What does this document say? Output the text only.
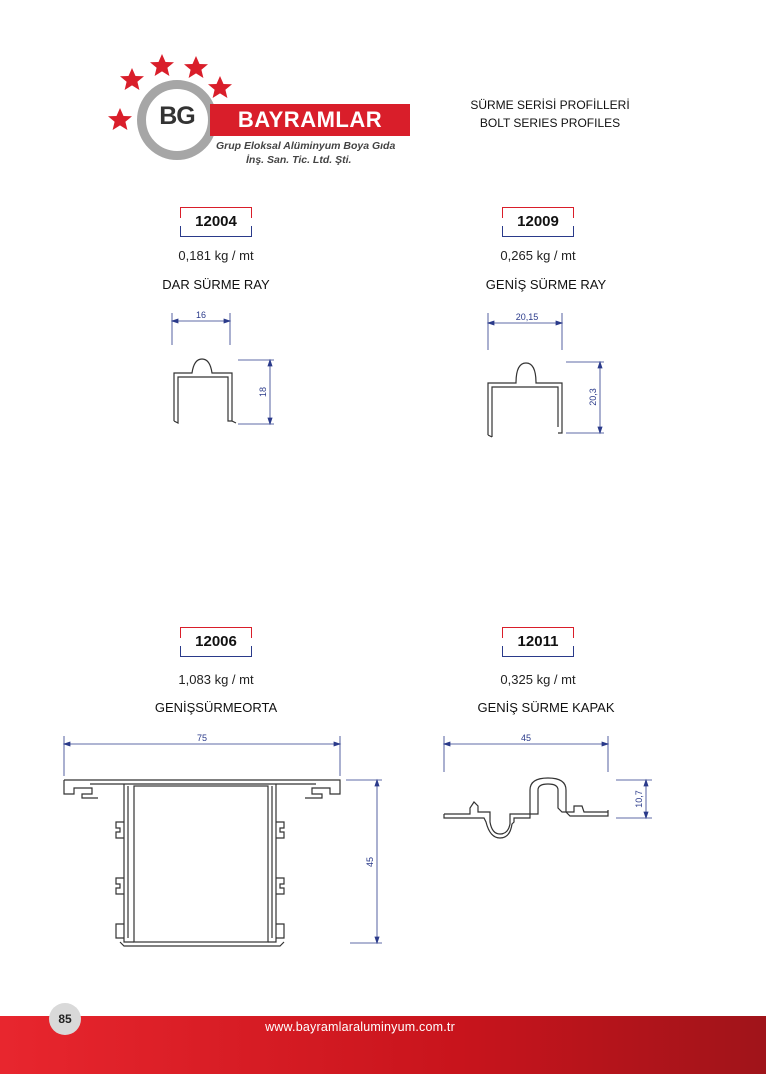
BG	BAYRAMLAR
Grup Eloksal Alüminyum Boya Gıda
İnş. San. Tic. Ltd. Şti.
SÜRME SERİSİ PROFİLLERİ
BOLT SERIES PROFILES
12004
0,181 kg / mt
DAR SÜRME RAY
16
18
12009
0,265 kg / mt
GENİŞ SÜRME RAY
20,15
20,3
12006
1,083 kg / mt
GENİŞSÜRMEORTA
75
45
12011
0,325 kg / mt
GENİŞ SÜRME KAPAK
45
10,7
www.bayramlaraluminyum.com.tr
85
